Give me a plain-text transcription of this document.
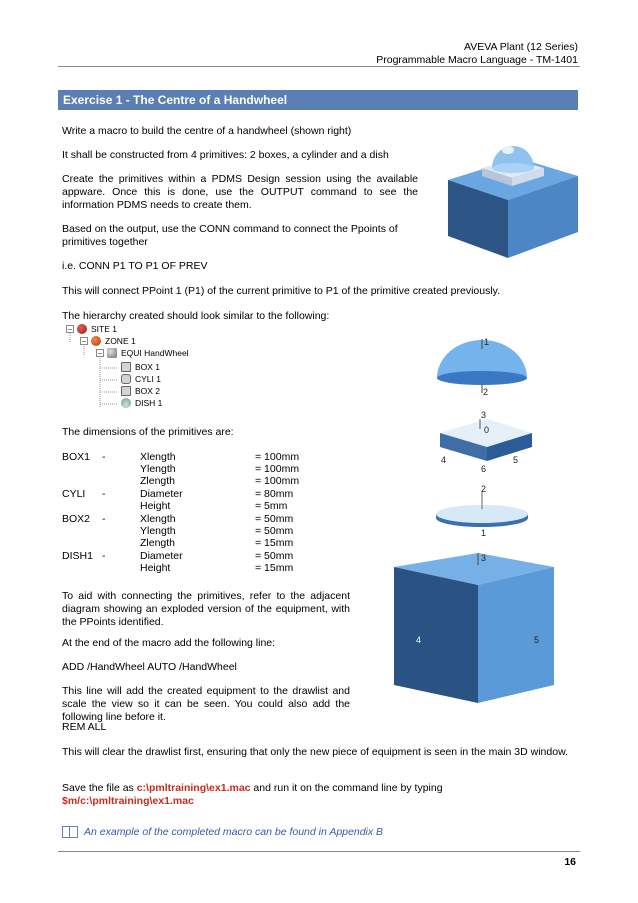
AVEVA Plant (12 Series)
Programmable Macro Language - TM-1401
Exercise 1 - The Centre of a Handwheel
Write a macro to build the centre of a handwheel (shown right)
It shall be constructed from 4 primitives: 2 boxes, a cylinder and a dish
Create the primitives within a PDMS Design session using the available appware. Once this is done, use the OUTPUT command to see the information PDMS needs to create them.
Based on the output, use the CONN command to connect the Ppoints of primitives together
i.e. CONN P1 TO P1 OF PREV
This will connect PPoint 1 (P1) of the current primitive to P1 of the primitive created previously.
The hierarchy created should look similar to the following:
− SITE 1
− ZONE 1
− EQUI HandWheel
BOX 1
CYLI 1
BOX 2
DISH 1
The dimensions of the primitives are:
BOX1 -	Xlength	= 100mm
Ylength	= 100mm
Zlength	= 100mm
CYLI -	Diameter	= 80mm
Height	= 5mm
BOX2 -	Xlength	= 50mm
Ylength	= 50mm
Zlength	= 15mm
DISH1 -	Diameter	= 50mm
Height	= 15mm
To aid with connecting the primitives, refer to the adjacent diagram showing an exploded version of the equipment, with the PPoints identified.
At the end of the macro add the following line:
ADD /HandWheel AUTO /HandWheel
This line will add the created equipment to the drawlist and scale the view so it can be seen. You could also add the following line before it.
REM ALL
This will clear the drawlist first, ensuring that only the new piece of equipment is seen in the main 3D window.
Save the file as c:\pmltraining\ex1.mac and run it on the command line by typing
$m/c:\pmltraining\ex1.mac
An example of the completed macro can be found in Appendix B
16
1
2
3
0
4	5
6
2
1
3
4	5
